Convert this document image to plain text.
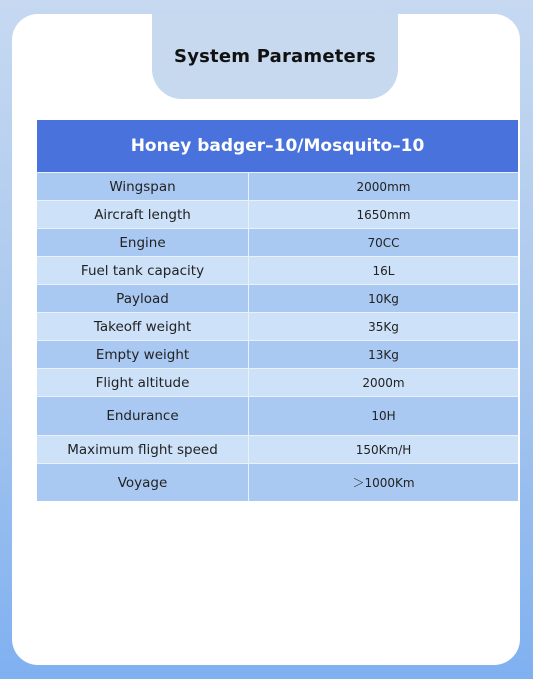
System Parameters
Honey badger–10/Mosquito–10
Wingspan	2000mm
Aircraft length	1650mm
Engine	70CC
Fuel tank capacity	16L
Payload	10Kg
Takeoff weight	35Kg
Empty weight	13Kg
Flight altitude	2000m
Endurance	10H
Maximum flight speed	150Km/H
Voyage	＞1000Km
